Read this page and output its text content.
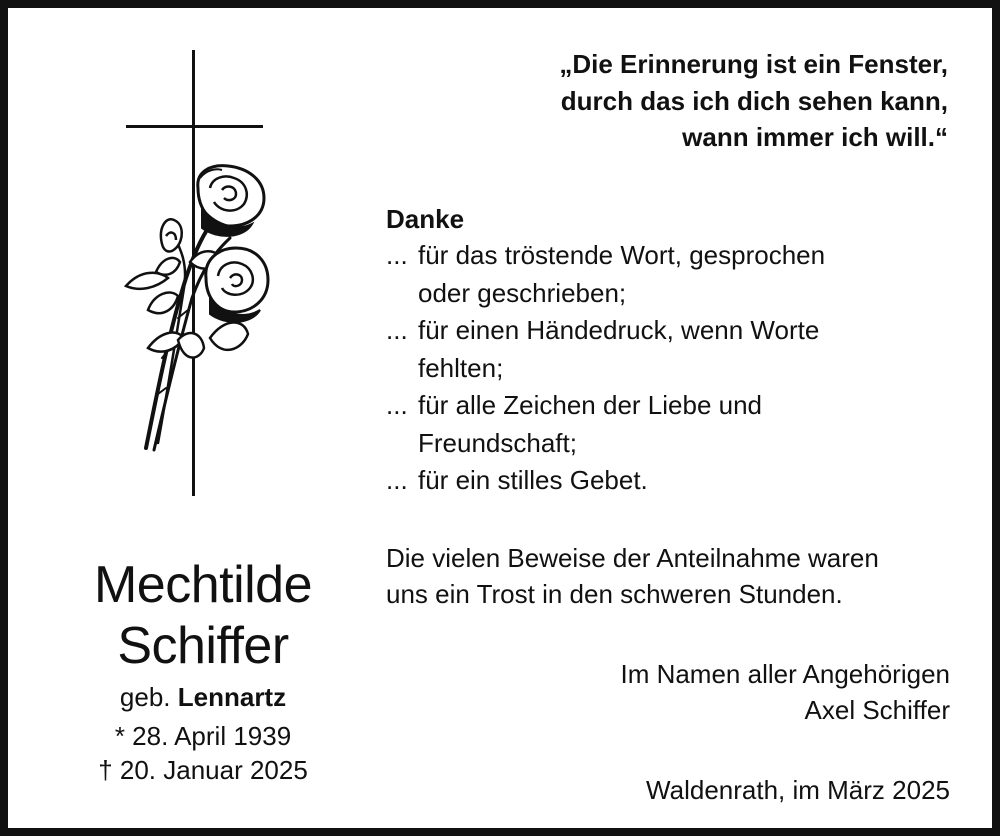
„Die Erinnerung ist ein Fenster,
durch das ich dich sehen kann,
wann immer ich will.“
Danke
... für das tröstende Wort, gesprochen
oder geschrieben;
... für einen Händedruck, wenn Worte
fehlten;
... für alle Zeichen der Liebe und
Freundschaft;
... für ein stilles Gebet.
Die vielen Beweise der Anteilnahme waren
uns ein Trost in den schweren Stunden.
Im Namen aller Angehörigen
Axel Schiffer
Waldenrath, im März 2025
Mechtilde
Schiffer
geb. Lennartz
* 28. April 1939
† 20. Januar 2025
